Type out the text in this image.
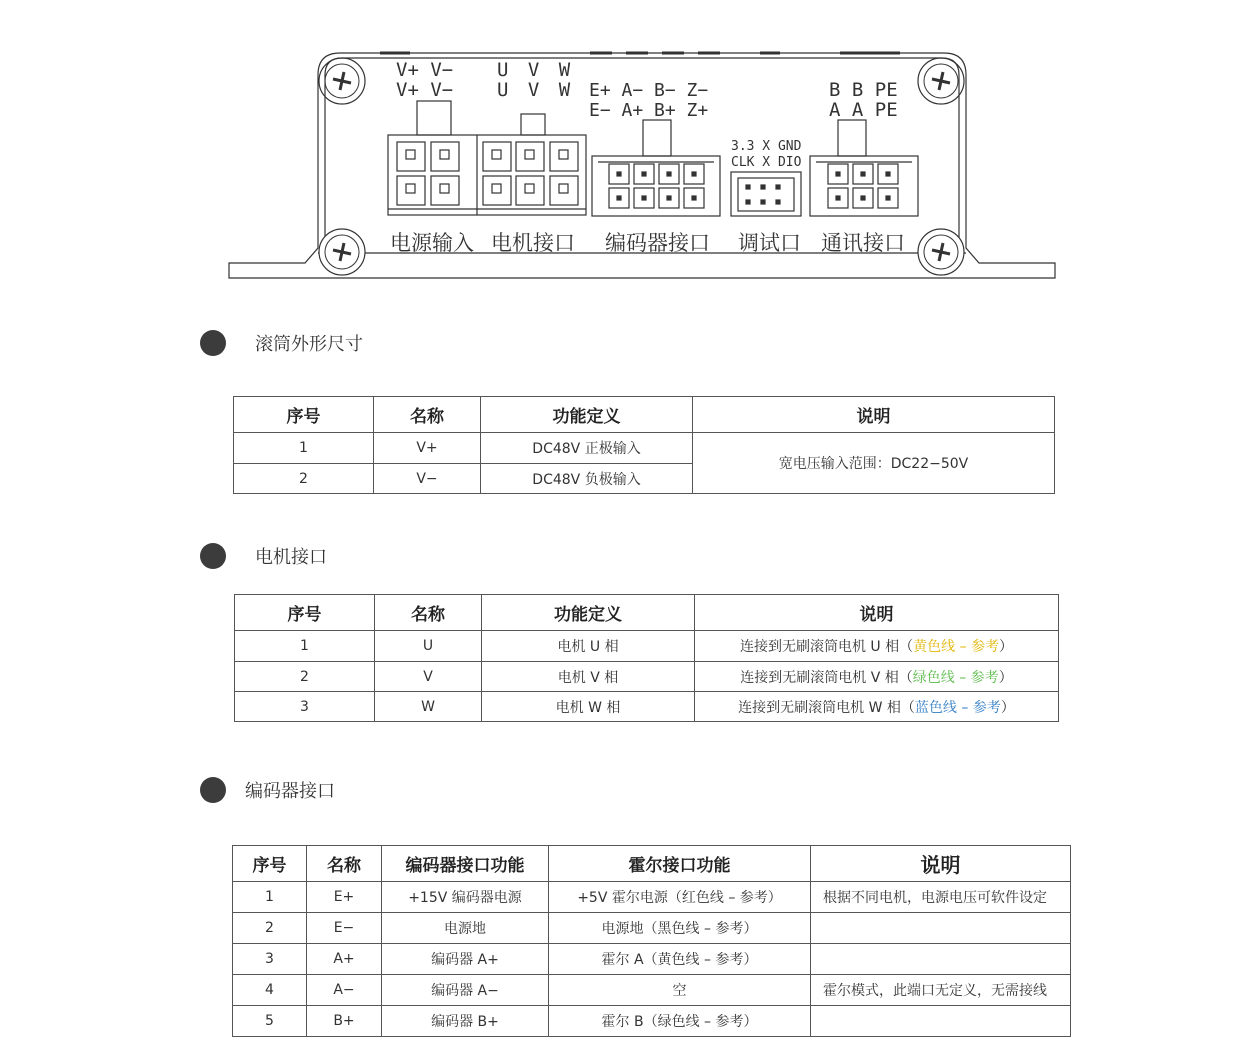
V+ V−
V+ V−
U V W
U V W E+ A− B− Z−
E− A+ B+ Z+
3.3 X GND
CLK X DIO
B B PE
A A PE
电源输入 电机接口 编码器接口 调试口 通讯接口
滚筒外形尺寸
序号	名称	功能定义	说明
1	V+	DC48V 正极输入	宽电压输入范围：DC22−50V
2	V−	DC48V 负极输入	
电机接口
序号	名称	功能定义	说明
1	U	电机 U 相	连接到无刷滚筒电机 U 相（黄色线 – 参考）
2	V	电机 V 相	连接到无刷滚筒电机 V 相（绿色线 – 参考）
3	W	电机 W 相	连接到无刷滚筒电机 W 相（蓝色线 – 参考）
编码器接口
序号	名称	编码器接口功能	霍尔接口功能	说明
1	E+	+15V 编码器电源	+5V 霍尔电源（红色线 – 参考）	根据不同电机，电源电压可软件设定
2	E−	电源地	电源地（黑色线 – 参考）	
3	A+	编码器 A+	霍尔 A（黄色线 – 参考）	
4	A−	编码器 A−	空	霍尔模式，此端口无定义，无需接线
5	B+	编码器 B+	霍尔 B（绿色线 – 参考）	
